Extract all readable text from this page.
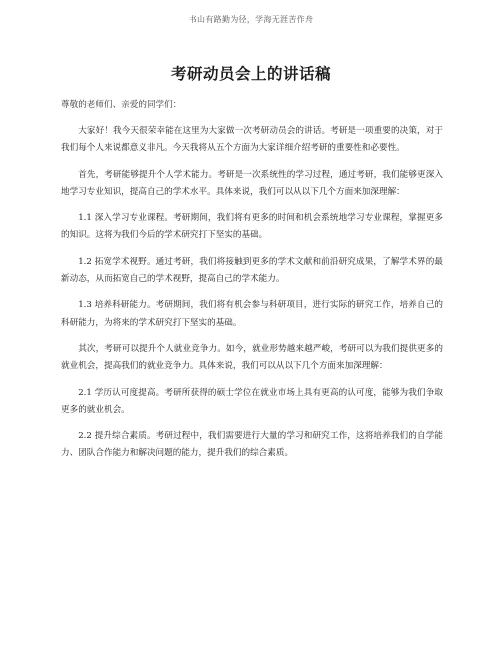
书山有路勤为径，学海无涯苦作舟
考研动员会上的讲话稿

尊敬的老师们、亲爱的同学们：

大家好！我今天很荣幸能在这里为大家做一次考研动员会的讲话。考研是一项重要的决策，对于我们每个人来说都意义非凡。今天我将从五个方面为大家详细介绍考研的重要性和必要性。

首先，考研能够提升个人学术能力。考研是一次系统性的学习过程，通过考研，我们能够更深入地学习专业知识，提高自己的学术水平。具体来说，我们可以从以下几个方面来加深理解：

1.1 深入学习专业课程。考研期间，我们将有更多的时间和机会系统地学习专业课程，掌握更多的知识。这将为我们今后的学术研究打下坚实的基础。

1.2 拓宽学术视野。通过考研，我们将接触到更多的学术文献和前沿研究成果，了解学术界的最新动态，从而拓宽自己的学术视野，提高自己的学术能力。

1.3 培养科研能力。考研期间，我们将有机会参与科研项目，进行实际的研究工作，培养自己的科研能力，为将来的学术研究打下坚实的基础。

其次，考研可以提升个人就业竞争力。如今，就业形势越来越严峻，考研可以为我们提供更多的就业机会，提高我们的就业竞争力。具体来说，我们可以从以下几个方面来加深理解：

2.1 学历认可度提高。考研所获得的硕士学位在就业市场上具有更高的认可度，能够为我们争取更多的就业机会。

2.2 提升综合素质。考研过程中，我们需要进行大量的学习和研究工作，这将培养我们的自学能力、团队合作能力和解决问题的能力，提升我们的综合素质。
